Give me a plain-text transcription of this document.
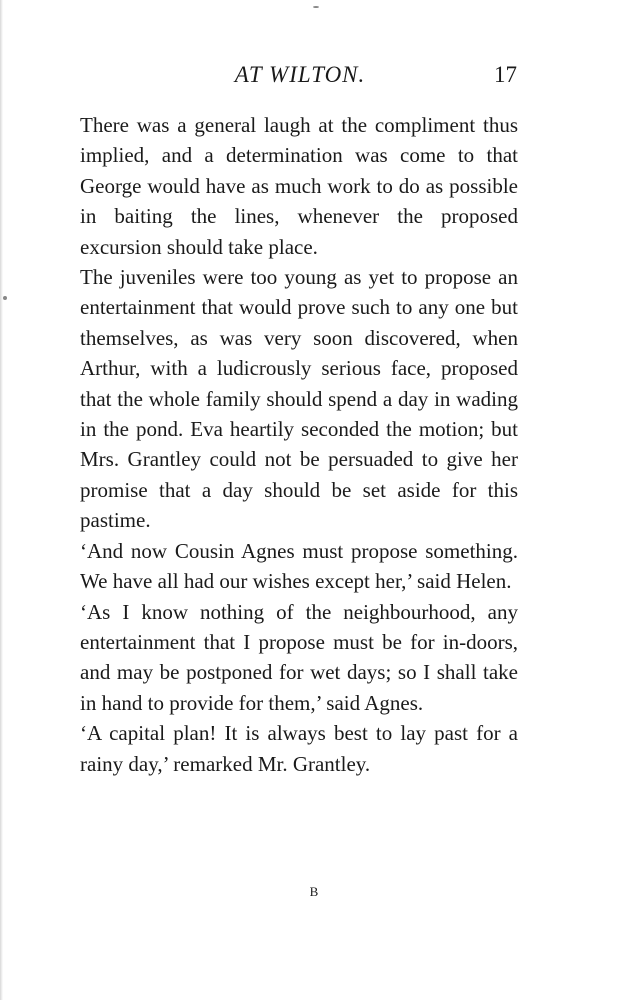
AT WILTON.	17

There was a general laugh at the compliment thus implied, and a determination was come to that George would have as much work to do as possible in baiting the lines, whenever the proposed excursion should take place.

The juveniles were too young as yet to propose an entertainment that would prove such to any one but themselves, as was very soon discovered, when Arthur, with a ludicrously serious face, proposed that the whole family should spend a day in wading in the pond. Eva heartily seconded the motion; but Mrs. Grantley could not be persuaded to give her promise that a day should be set aside for this pastime.

‘And now Cousin Agnes must propose something. We have all had our wishes except her,’ said Helen.

‘As I know nothing of the neighbourhood, any entertainment that I propose must be for in-doors, and may be postponed for wet days; so I shall take in hand to provide for them,’ said Agnes.

‘A capital plan! It is always best to lay past for a rainy day,’ remarked Mr. Grantley.

B
